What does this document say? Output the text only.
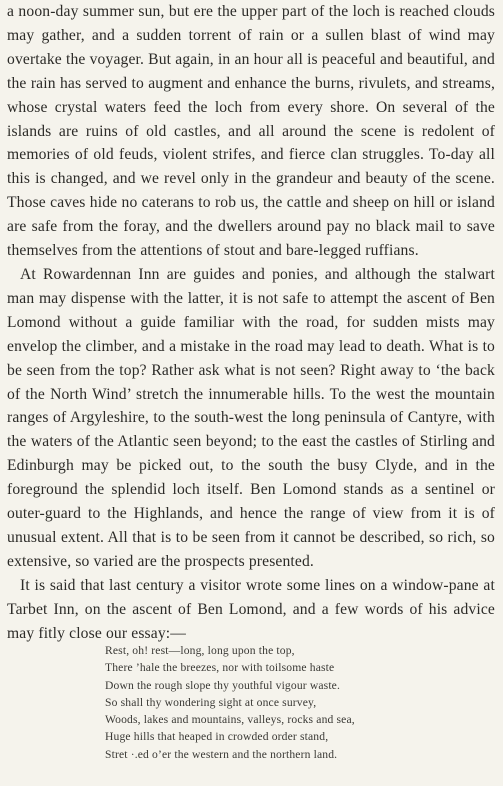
a noon-day summer sun, but ere the upper part of the loch is reached clouds may gather, and a sudden torrent of rain or a sullen blast of wind may overtake the voyager. But again, in an hour all is peaceful and beautiful, and the rain has served to augment and enhance the burns, rivulets, and streams, whose crystal waters feed the loch from every shore. On several of the islands are ruins of old castles, and all around the scene is redolent of memories of old feuds, violent strifes, and fierce clan struggles. To-day all this is changed, and we revel only in the grandeur and beauty of the scene. Those caves hide no caterans to rob us, the cattle and sheep on hill or island are safe from the foray, and the dwellers around pay no black mail to save themselves from the attentions of stout and bare-legged ruffians.

At Rowardennan Inn are guides and ponies, and although the stalwart man may dispense with the latter, it is not safe to attempt the ascent of Ben Lomond without a guide familiar with the road, for sudden mists may envelop the climber, and a mistake in the road may lead to death. What is to be seen from the top? Rather ask what is not seen? Right away to ‘the back of the North Wind’ stretch the innumerable hills. To the west the mountain ranges of Argyleshire, to the south-west the long peninsula of Cantyre, with the waters of the Atlantic seen beyond; to the east the castles of Stirling and Edinburgh may be picked out, to the south the busy Clyde, and in the foreground the splendid loch itself. Ben Lomond stands as a sentinel or outer-guard to the Highlands, and hence the range of view from it is of unusual extent. All that is to be seen from it cannot be described, so rich, so extensive, so varied are the prospects presented.

It is said that last century a visitor wrote some lines on a window-pane at Tarbet Inn, on the ascent of Ben Lomond, and a few words of his advice may fitly close our essay:—

Rest, oh! rest—long, long upon the top,
There ’hale the breezes, nor with toilsome haste
Down the rough slope thy youthful vigour waste.
So shall thy wondering sight at once survey,
Woods, lakes and mountains, valleys, rocks and sea,
Huge hills that heaped in crowded order stand,
Stret ·.ed o’er the western and the northern land.
